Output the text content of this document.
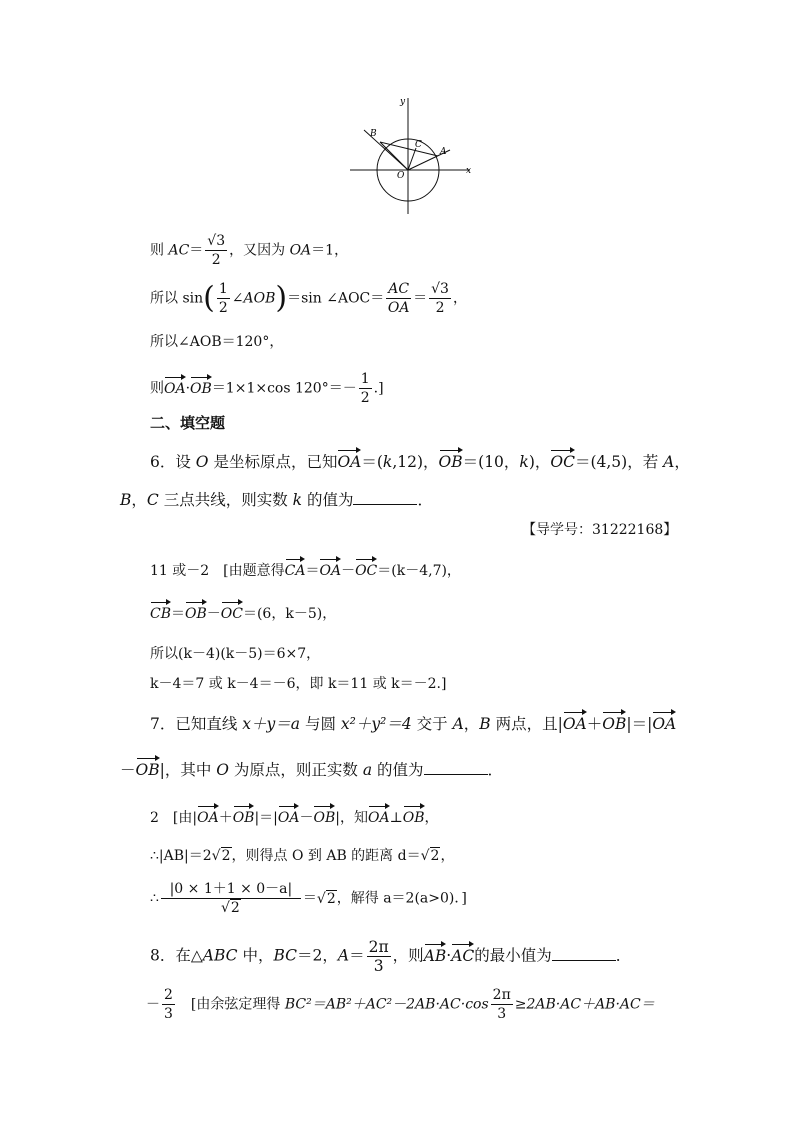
y
x
O
B
C
A
则 $AC= \frac{√3}{2}$ ，又因为 OA＝1，
所以 $\sin( \frac{1}{2}$ ∠AOB)＝sin ∠AOC＝ $\frac{AC}{OA} = \frac{√3}{2}$ ，
所以∠AOB＝120°，
则OA·OB＝1×1×cos $120^\circ=- \frac{1}{2}$ .]
二、填空题
6．设 O 是坐标原点，已知OA＝(k,12)，OB＝(10，k)，OC＝(4,5)，若 A，
B，C 三点共线，则实数 k 的值为	．
【导学号：31222168】
11 或－2　[由题意得CA＝OA－OC＝(k－4,7)，
CB＝OB－OC＝(6，k－5)，
所以(k－4)(k－5)＝6×7，
k－4＝7 或 k－4＝－6，即 k＝11 或 k＝－2.]
7．已知直线 x＋y＝a 与圆 x²＋y²＝4 交于 A，B 两点，且|OA＋OB|＝|OA
－OB|，其中 O 为原点，则正实数 a 的值为	．
2　[由|OA＋OB|＝|OA－OB|，知OA⊥OB，
∴|AB|＝2√2，则得点 O 到 AB 的距离 d＝√2，
∴ $\frac{|0 \times 1+1 \times 0-a|}{√2} =√2$，解得 a＝2(a>0)．]
8．在△ABC 中，BC＝2，$A= \frac{2\pi}{3}$ ，则AB·AC的最小值为	．
－ $\frac{2}{3}$ 　[由余弦定理得 $BC^2=AB^2+AC^2-2AB\cdot AC\cdot\cos \frac{2\pi}{3} \ge 2AB\cdot AC+AB\cdot AC=$
